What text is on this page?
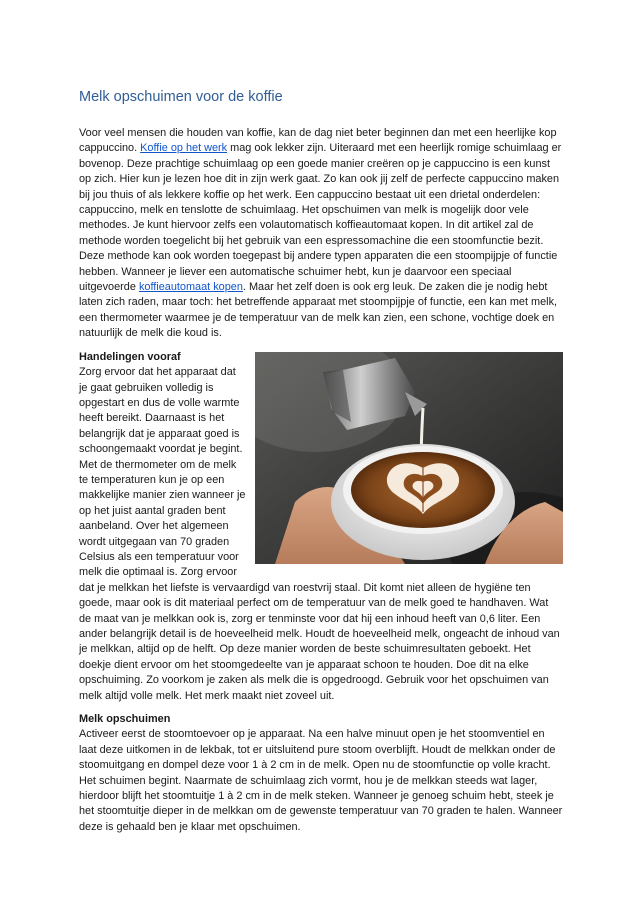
Melk opschuimen voor de koffie

Voor veel mensen die houden van koffie, kan de dag niet beter beginnen dan met een heerlijke kop cappuccino. Koffie op het werk mag ook lekker zijn. Uiteraard met een heerlijk romige schuimlaag er bovenop. Deze prachtige schuimlaag op een goede manier creëren op je cappuccino is een kunst op zich. Hier kun je lezen hoe dit in zijn werk gaat. Zo kan ook jij zelf de perfecte cappuccino maken bij jou thuis of als lekkere koffie op het werk. Een cappuccino bestaat uit een drietal onderdelen: cappuccino, melk en tenslotte de schuimlaag. Het opschuimen van melk is mogelijk door vele methodes. Je kunt hiervoor zelfs een volautomatisch koffieautomaat kopen. In dit artikel zal de methode worden toegelicht bij het gebruik van een espressomachine die een stoomfunctie bezit. Deze methode kan ook worden toegepast bij andere typen apparaten die een stoompijpje of functie hebben. Wanneer je liever een automatische schuimer hebt, kun je daarvoor een speciaal uitgevoerde koffieautomaat kopen. Maar het zelf doen is ook erg leuk. De zaken die je nodig hebt laten zich raden, maar toch: het betreffende apparaat met stoompijpje of functie, een kan met melk, een thermometer waarmee je de temperatuur van de melk kan zien, een schone, vochtige doek en natuurlijk de melk die koud is.

Handelingen vooraf

Zorg ervoor dat het apparaat dat je gaat gebruiken volledig is opgestart en dus de volle warmte heeft bereikt. Daarnaast is het belangrijk dat je apparaat goed is schoongemaakt voordat je begint. Met de thermometer om de melk te temperaturen kun je op een makkelijke manier zien wanneer je op het juist aantal graden bent aanbeland. Over het algemeen wordt uitgegaan van 70 graden Celsius als een temperatuur voor melk die optimaal is. Zorg ervoor dat je melkkan het liefste is vervaardigd van roestvrij staal. Dit komt niet alleen de hygiëne ten goede, maar ook is dit materiaal perfect om de temperatuur van de melk goed te handhaven. Wat de maat van je melkkan ook is, zorg er tenminste voor dat hij een inhoud heeft van 0,6 liter. Een ander belangrijk detail is de hoeveelheid melk. Houdt de hoeveelheid melk, ongeacht de inhoud van je melkkan, altijd op de helft. Op deze manier worden de beste schuimresultaten geboekt. Het doekje dient ervoor om het stoomgedeelte van je apparaat schoon te houden. Doe dit na elke opschuiming. Zo voorkom je zaken als melk die is opgedroogd. Gebruik voor het opschuimen van melk altijd volle melk. Het merk maakt niet zoveel uit.

Melk opschuimen

Activeer eerst de stoomtoevoer op je apparaat. Na een halve minuut open je het stoomventiel en laat deze uitkomen in de lekbak, tot er uitsluitend pure stoom overblijft. Houdt de melkkan onder de stoomuitgang en dompel deze voor 1 à 2 cm in de melk. Open nu de stoomfunctie op volle kracht. Het schuimen begint. Naarmate de schuimlaag zich vormt, hou je de melkkan steeds wat lager, hierdoor blijft het stoomtuitje 1 à 2 cm in de melk steken. Wanneer je genoeg schuim hebt, steek je het stoomtuitje dieper in de melkkan om de gewenste temperatuur van 70 graden te halen. Wanneer deze is gehaald ben je klaar met opschuimen.
